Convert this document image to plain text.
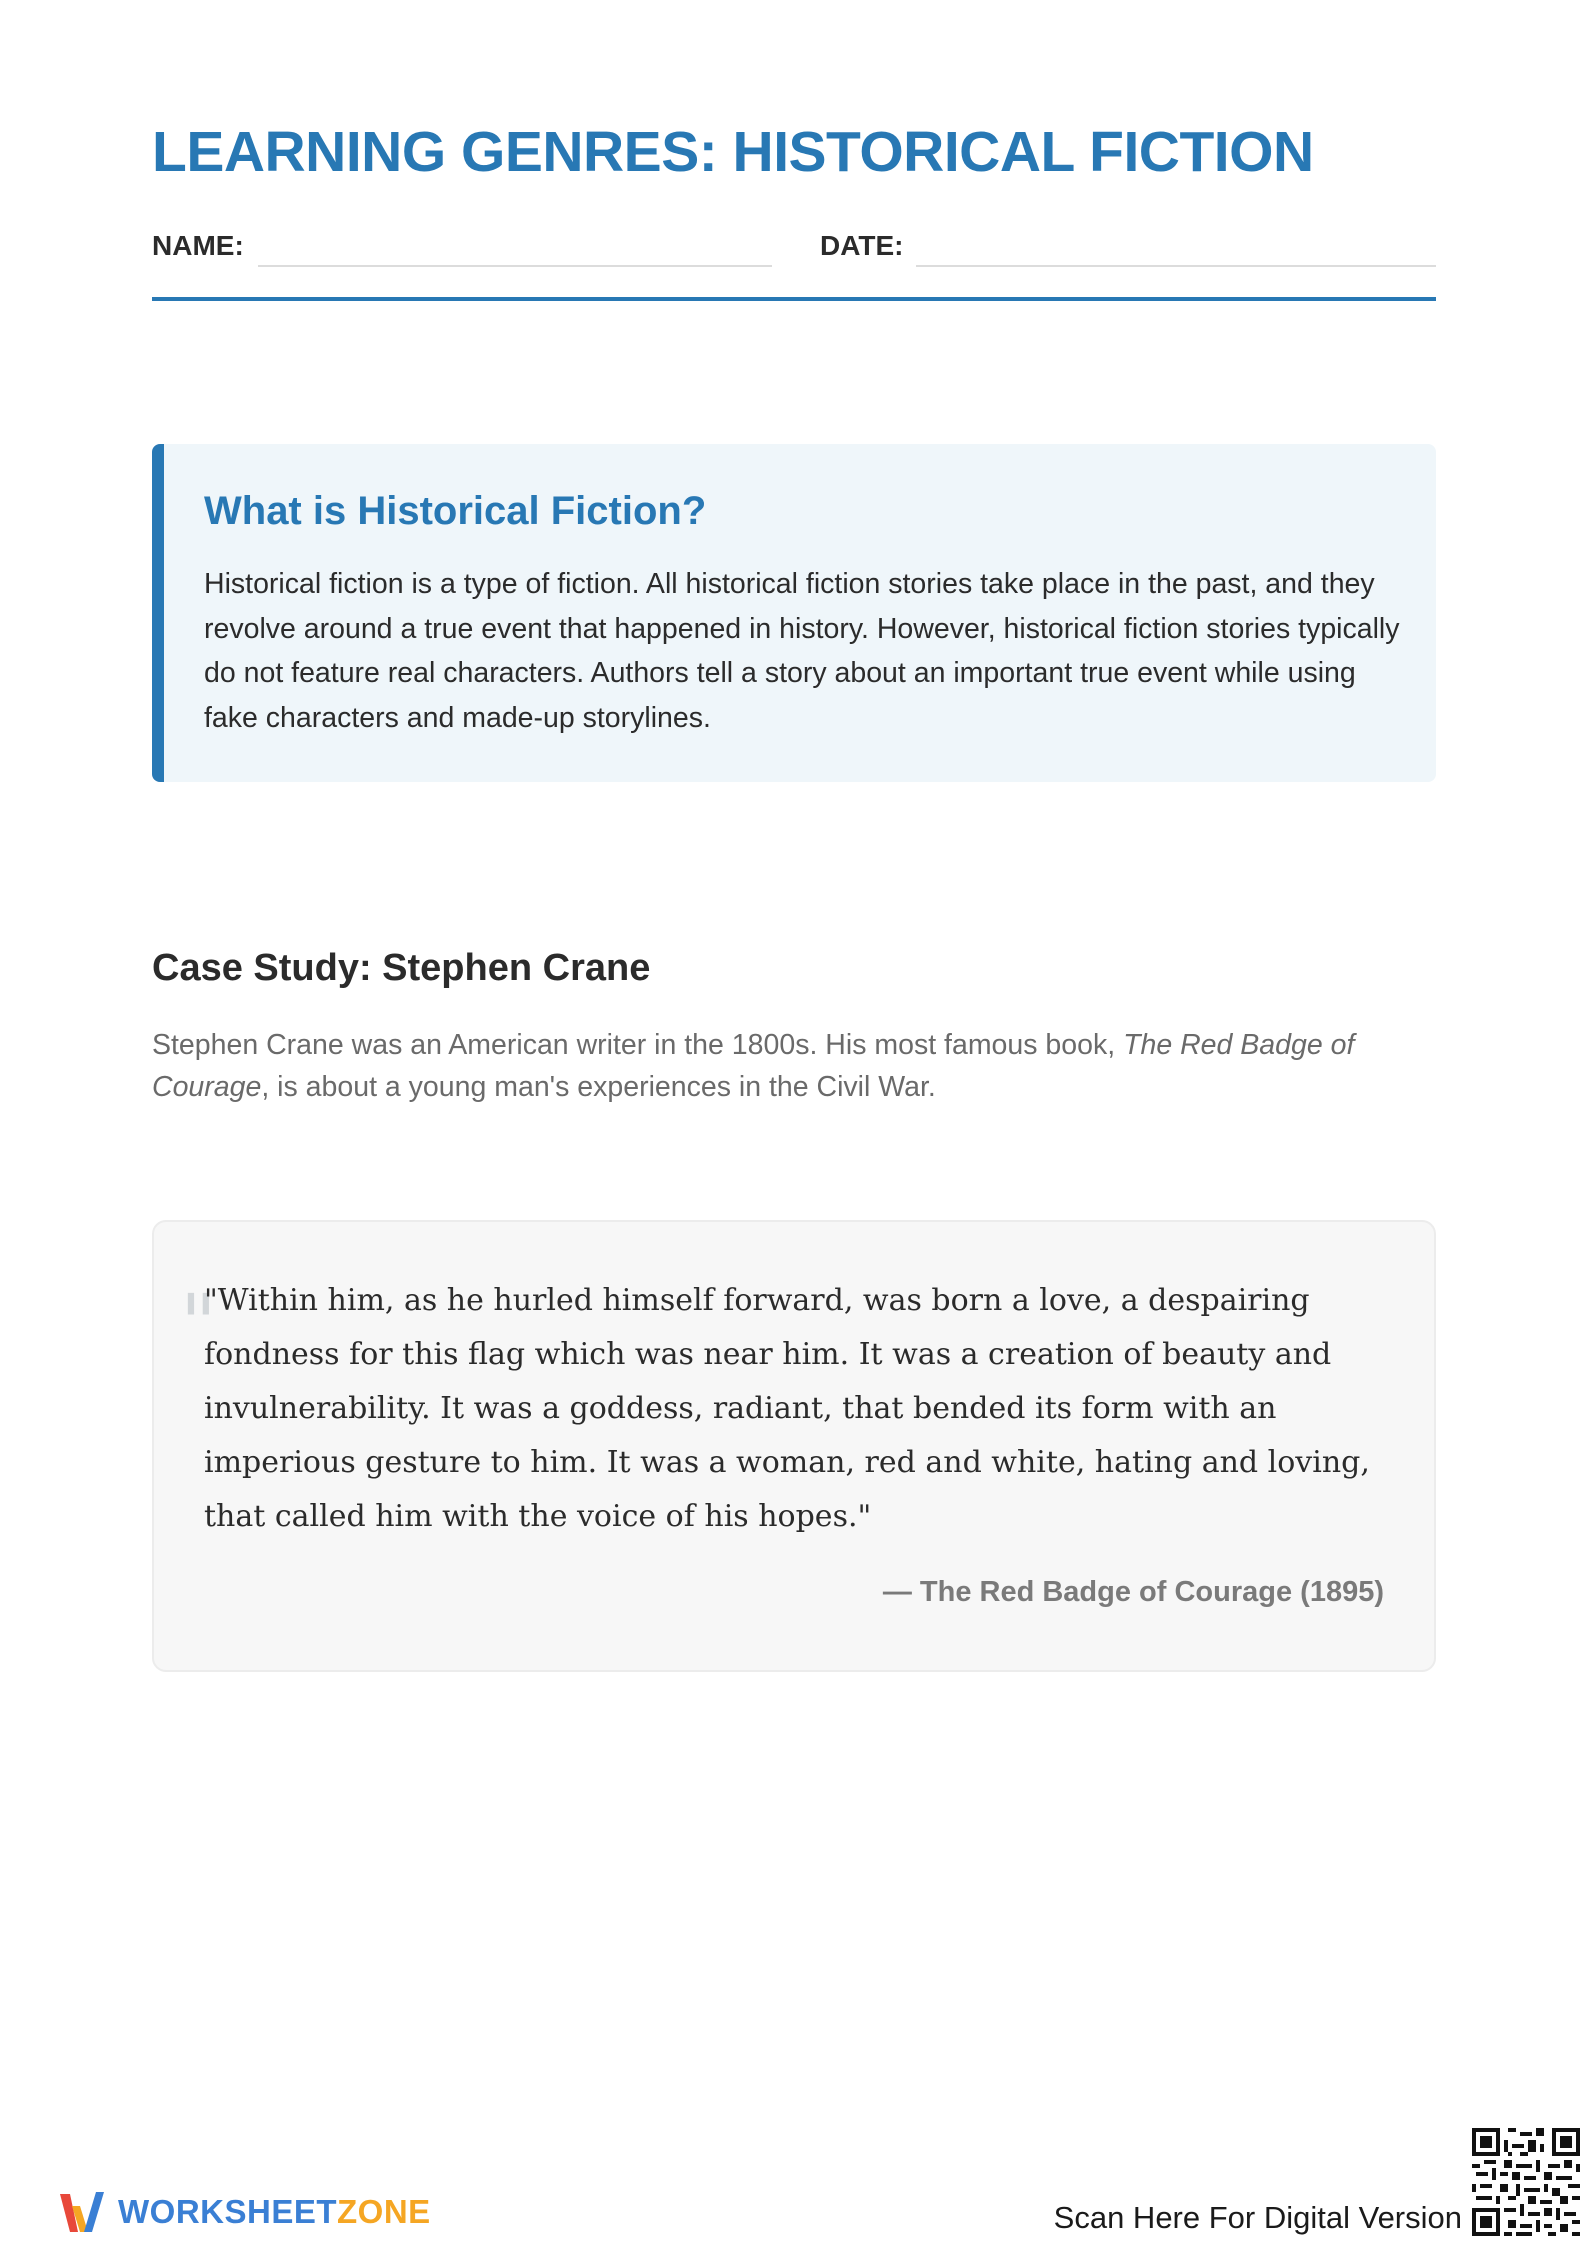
LEARNING GENRES: HISTORICAL FICTION
NAME:	DATE:
What is Historical Fiction?
Historical fiction is a type of fiction. All historical fiction stories take place in the past, and they revolve around a true event that happened in history. However, historical fiction stories typically do not feature real characters. Authors tell a story about an important true event while using fake characters and made-up storylines.
Case Study: Stephen Crane
Stephen Crane was an American writer in the 1800s. His most famous book, The Red Badge of Courage, is about a young man's experiences in the Civil War.
"
"Within him, as he hurled himself forward, was born a love, a despairing fondness for this flag which was near him. It was a creation of beauty and invulnerability. It was a goddess, radiant, that bended its form with an imperious gesture to him. It was a woman, red and white, hating and loving, that called him with the voice of his hopes."
— The Red Badge of Courage (1895)
WORKSHEETZONE	Scan Here For Digital Version
